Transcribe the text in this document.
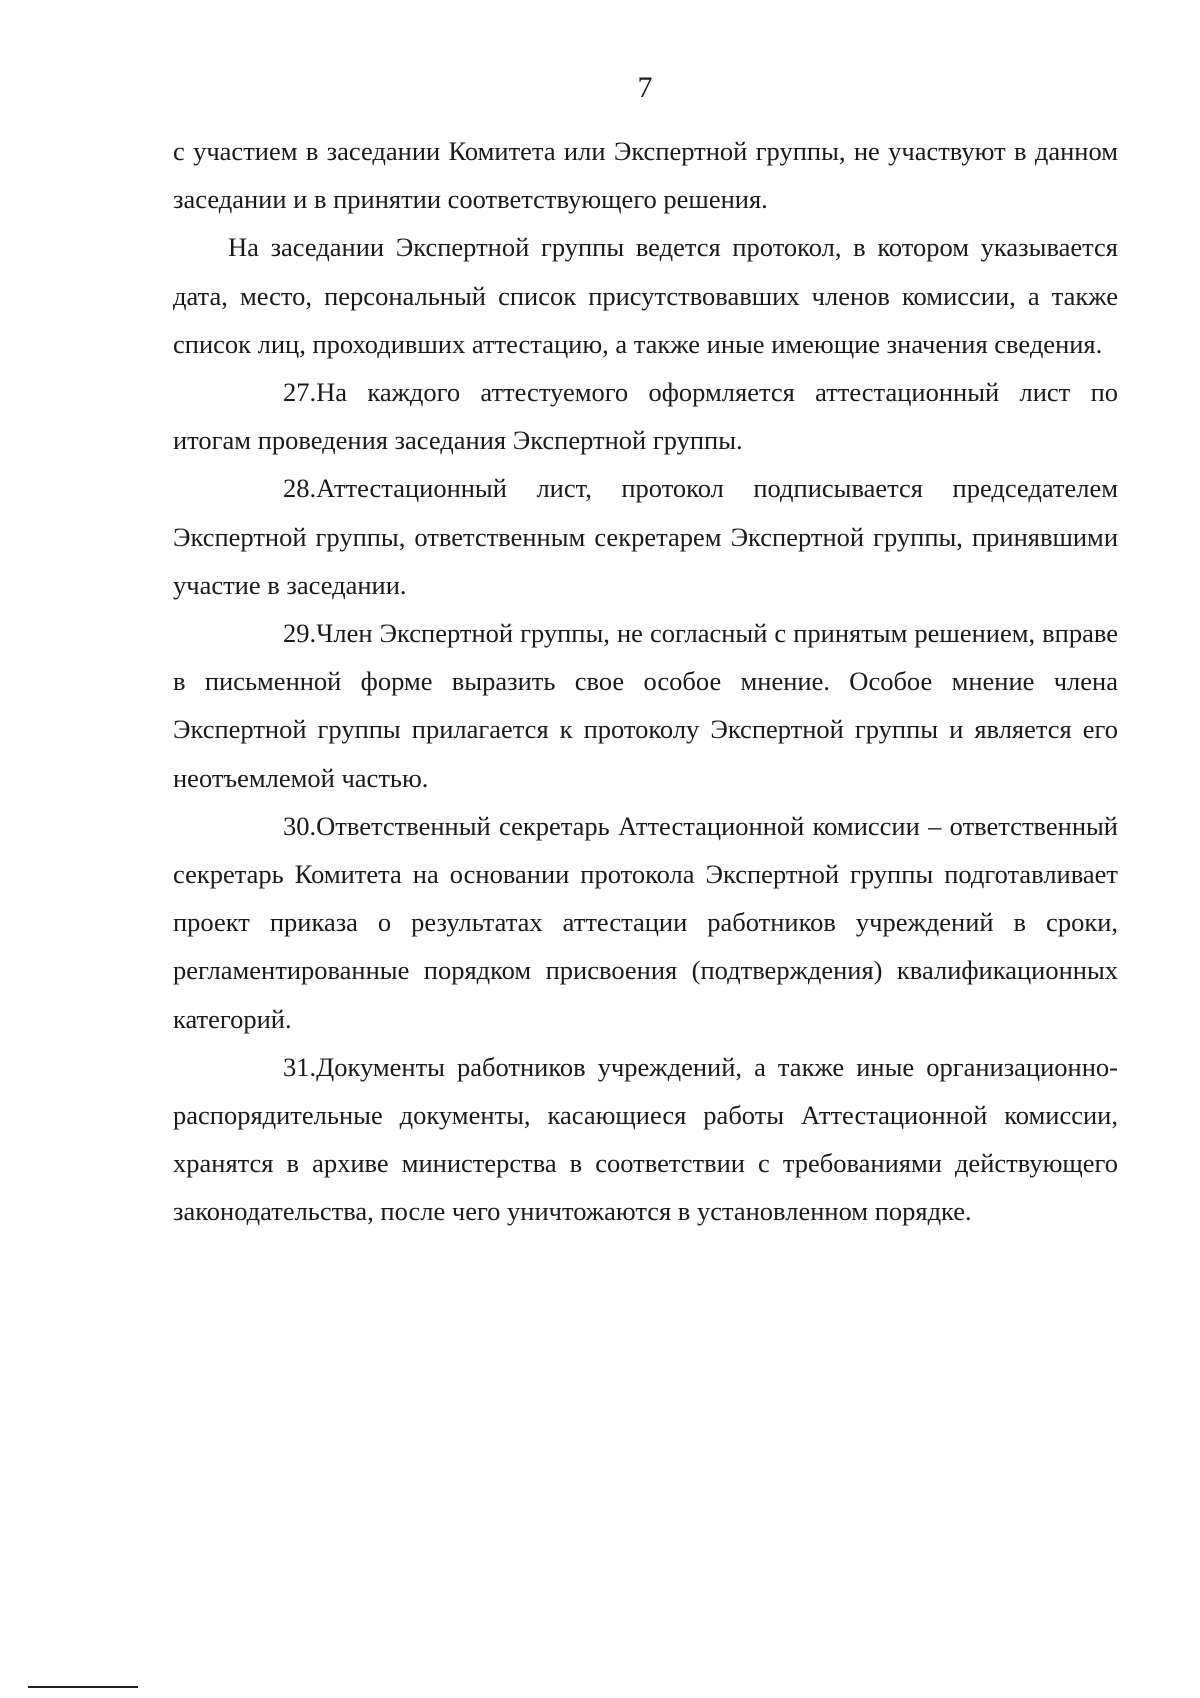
7

с участием в заседании Комитета или Экспертной группы, не участвуют в данном заседании и в принятии соответствующего решения.

На заседании Экспертной группы ведется протокол, в котором указывается дата, место, персональный список присутствовавших членов комиссии, а также список лиц, проходивших аттестацию, а также иные имеющие значения сведения.

27.На каждого аттестуемого оформляется аттестационный лист по итогам проведения заседания Экспертной группы.

28.Аттестационный лист, протокол подписывается председателем Экспертной группы, ответственным секретарем Экспертной группы, принявшими участие в заседании.

29.Член Экспертной группы, не согласный с принятым решением, вправе в письменной форме выразить свое особое мнение. Особое мнение члена Экспертной группы прилагается к протоколу Экспертной группы и является его неотъемлемой частью.

30.Ответственный секретарь Аттестационной комиссии – ответственный секретарь Комитета на основании протокола Экспертной группы подготавливает проект приказа о результатах аттестации работников учреждений в сроки, регламентированные порядком присвоения (подтверждения) квалификационных категорий.

31.Документы работников учреждений, а также иные организационно-распорядительные документы, касающиеся работы Аттестационной комиссии, хранятся в архиве министерства в соответствии с требованиями действующего законодательства, после чего уничтожаются в установленном порядке.
